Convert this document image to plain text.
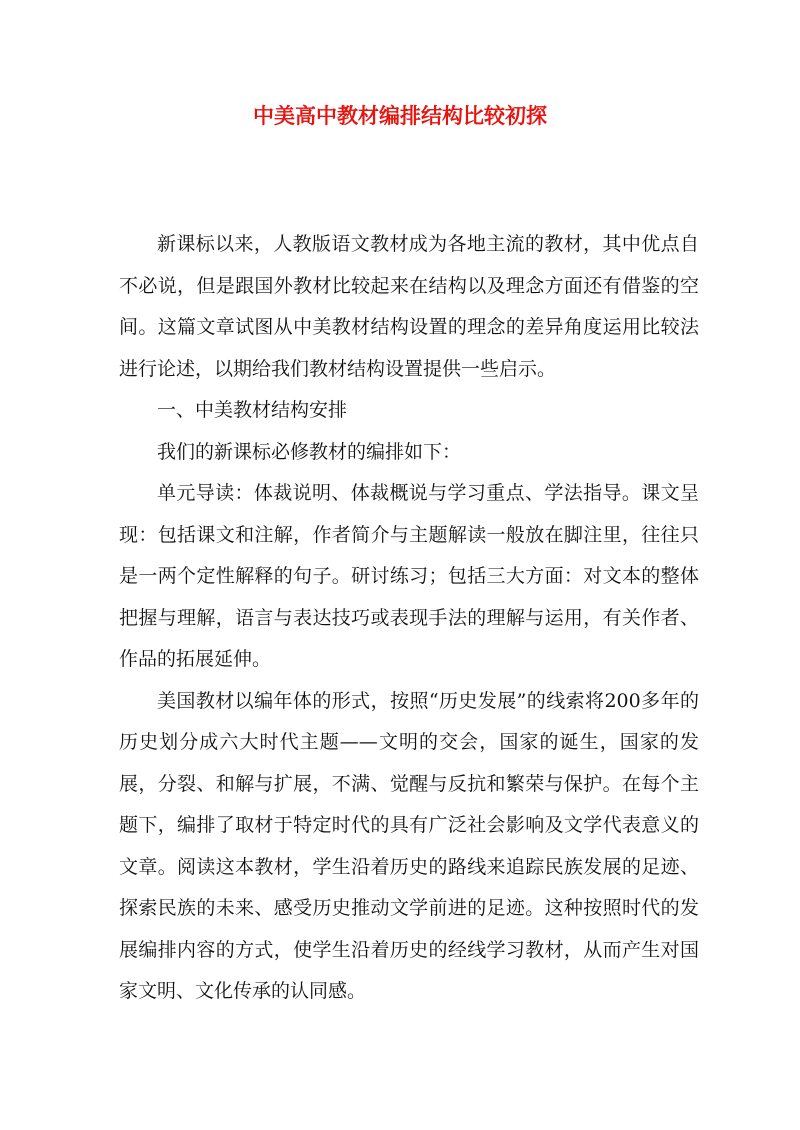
中美高中教材编排结构比较初探

新课标以来，人教版语文教材成为各地主流的教材，其中优点自不必说，但是跟国外教材比较起来在结构以及理念方面还有借鉴的空间。这篇文章试图从中美教材结构设置的理念的差异角度运用比较法进行论述，以期给我们教材结构设置提供一些启示。

一、中美教材结构安排

我们的新课标必修教材的编排如下：

单元导读：体裁说明、体裁概说与学习重点、学法指导。课文呈现：包括课文和注解，作者简介与主题解读一般放在脚注里，往往只是一两个定性解释的句子。研讨练习；包括三大方面：对文本的整体把握与理解，语言与表达技巧或表现手法的理解与运用，有关作者、作品的拓展延伸。

美国教材以编年体的形式，按照“历史发展”的线索将200多年的历史划分成六大时代主题——文明的交会，国家的诞生，国家的发展，分裂、和解与扩展，不满、觉醒与反抗和繁荣与保护。在每个主题下，编排了取材于特定时代的具有广泛社会影响及文学代表意义的文章。阅读这本教材，学生沿着历史的路线来追踪民族发展的足迹、探索民族的未来、感受历史推动文学前进的足迹。这种按照时代的发展编排内容的方式，使学生沿着历史的经线学习教材，从而产生对国家文明、文化传承的认同感。
